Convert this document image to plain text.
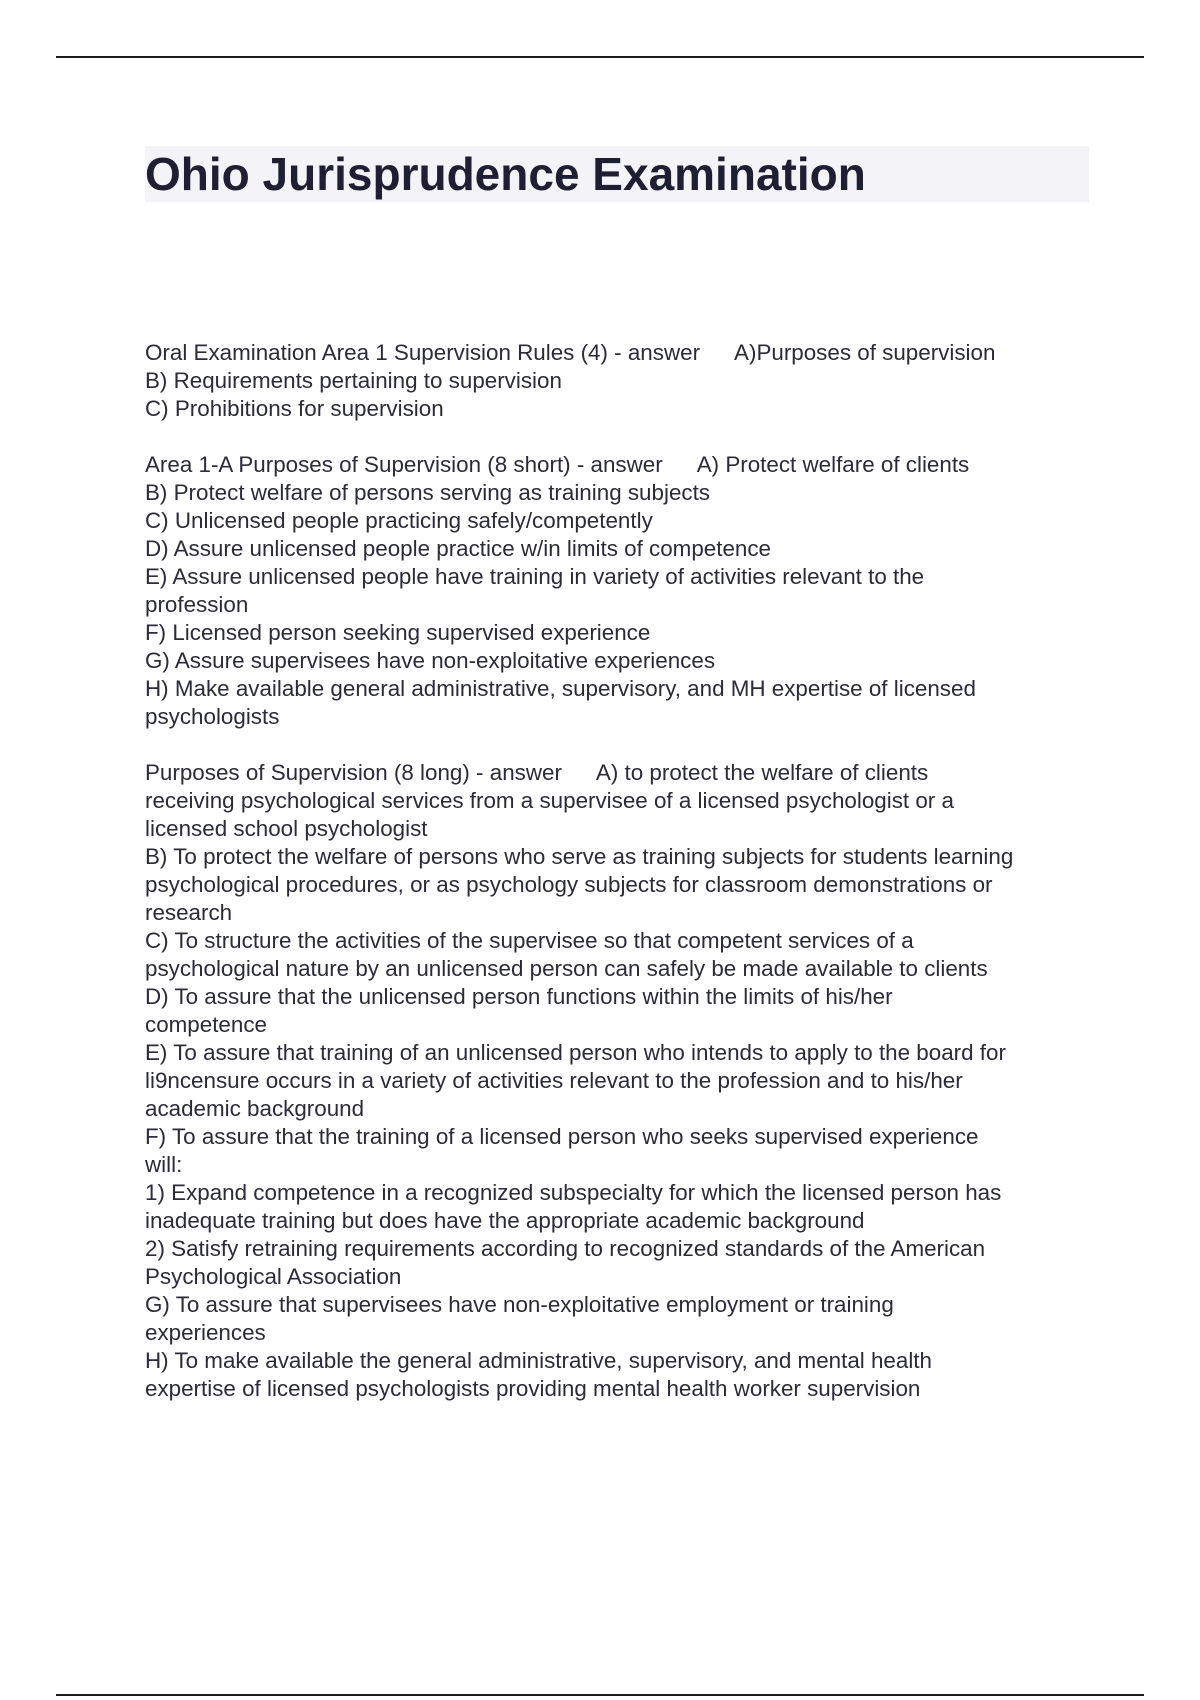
Ohio Jurisprudence Examination
Oral Examination Area 1 Supervision Rules (4) - answer A)Purposes of supervision
B) Requirements pertaining to supervision
C) Prohibitions for supervision
Area 1-A Purposes of Supervision (8 short) - answer A) Protect welfare of clients
B) Protect welfare of persons serving as training subjects
C) Unlicensed people practicing safely/competently
D) Assure unlicensed people practice w/in limits of competence
E) Assure unlicensed people have training in variety of activities relevant to the
profession
F) Licensed person seeking supervised experience
G) Assure supervisees have non-exploitative experiences
H) Make available general administrative, supervisory, and MH expertise of licensed
psychologists
Purposes of Supervision (8 long) - answer A) to protect the welfare of clients
receiving psychological services from a supervisee of a licensed psychologist or a
licensed school psychologist
B) To protect the welfare of persons who serve as training subjects for students learning
psychological procedures, or as psychology subjects for classroom demonstrations or
research
C) To structure the activities of the supervisee so that competent services of a
psychological nature by an unlicensed person can safely be made available to clients
D) To assure that the unlicensed person functions within the limits of his/her
competence
E) To assure that training of an unlicensed person who intends to apply to the board for
li9ncensure occurs in a variety of activities relevant to the profession and to his/her
academic background
F) To assure that the training of a licensed person who seeks supervised experience
will:
1) Expand competence in a recognized subspecialty for which the licensed person has
inadequate training but does have the appropriate academic background
2) Satisfy retraining requirements according to recognized standards of the American
Psychological Association
G) To assure that supervisees have non-exploitative employment or training
experiences
H) To make available the general administrative, supervisory, and mental health
expertise of licensed psychologists providing mental health worker supervision
